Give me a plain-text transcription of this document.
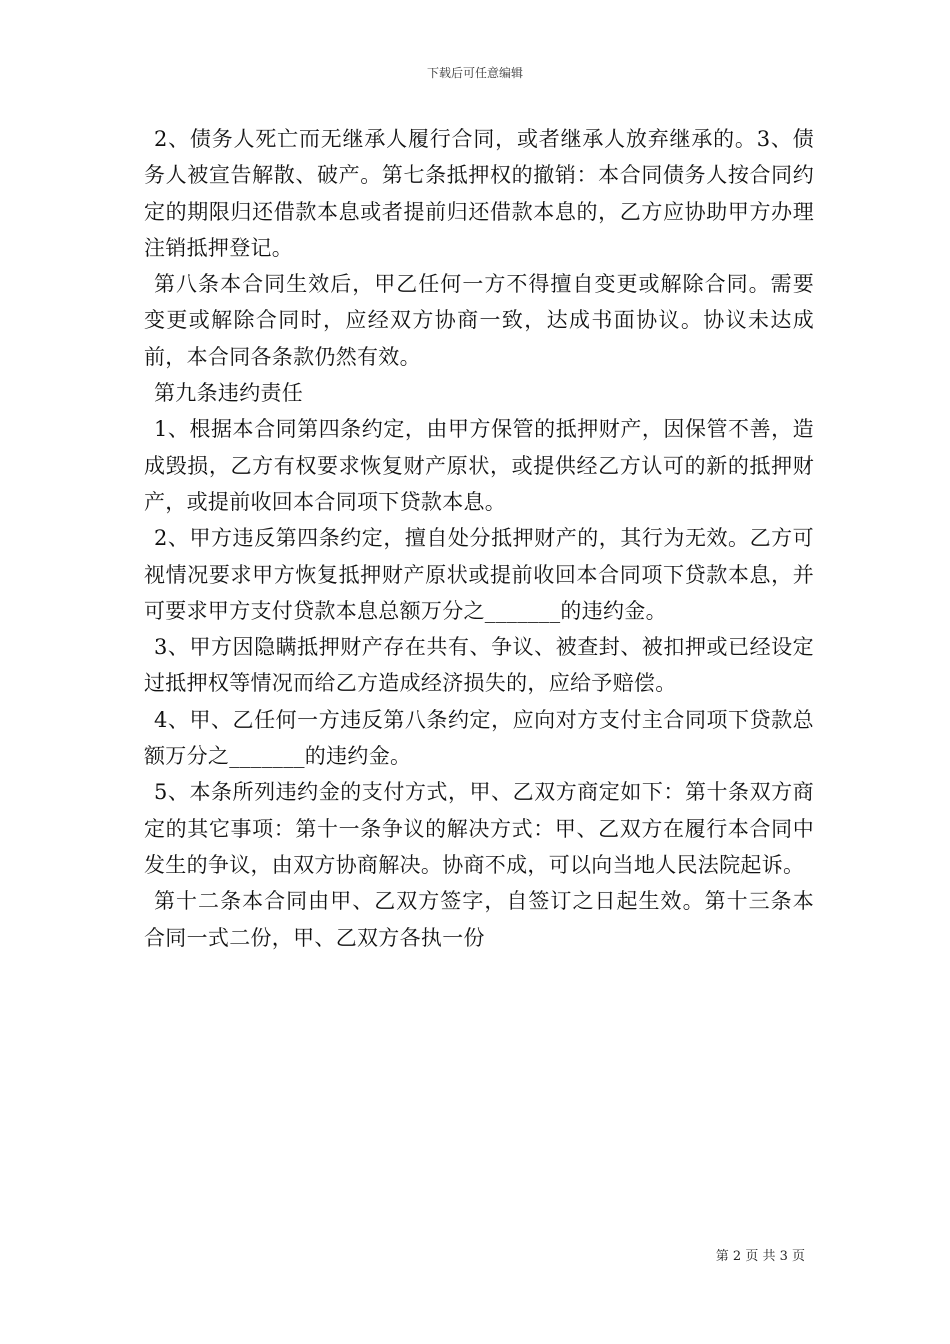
下载后可任意编辑

2、债务人死亡而无继承人履行合同，或者继承人放弃继承的。3、债务人被宣告解散、破产。第七条抵押权的撤销：本合同债务人按合同约定的期限归还借款本息或者提前归还借款本息的，乙方应协助甲方办理注销抵押登记。

第八条本合同生效后，甲乙任何一方不得擅自变更或解除合同。需要变更或解除合同时，应经双方协商一致，达成书面协议。协议未达成前，本合同各条款仍然有效。

第九条违约责任

1、根据本合同第四条约定，由甲方保管的抵押财产，因保管不善，造成毁损，乙方有权要求恢复财产原状，或提供经乙方认可的新的抵押财产，或提前收回本合同项下贷款本息。

2、甲方违反第四条约定，擅自处分抵押财产的，其行为无效。乙方可视情况要求甲方恢复抵押财产原状或提前收回本合同项下贷款本息，并可要求甲方支付贷款本息总额万分之_______的违约金。

3、甲方因隐瞒抵押财产存在共有、争议、被查封、被扣押或已经设定过抵押权等情况而给乙方造成经济损失的，应给予赔偿。

4、甲、乙任何一方违反第八条约定，应向对方支付主合同项下贷款总额万分之_______的违约金。

5、本条所列违约金的支付方式，甲、乙双方商定如下：第十条双方商定的其它事项：第十一条争议的解决方式：甲、乙双方在履行本合同中发生的争议，由双方协商解决。协商不成，可以向当地人民法院起诉。

第十二条本合同由甲、乙双方签字，自签订之日起生效。第十三条本合同一式二份，甲、乙双方各执一份

第 2 页 共 3 页
